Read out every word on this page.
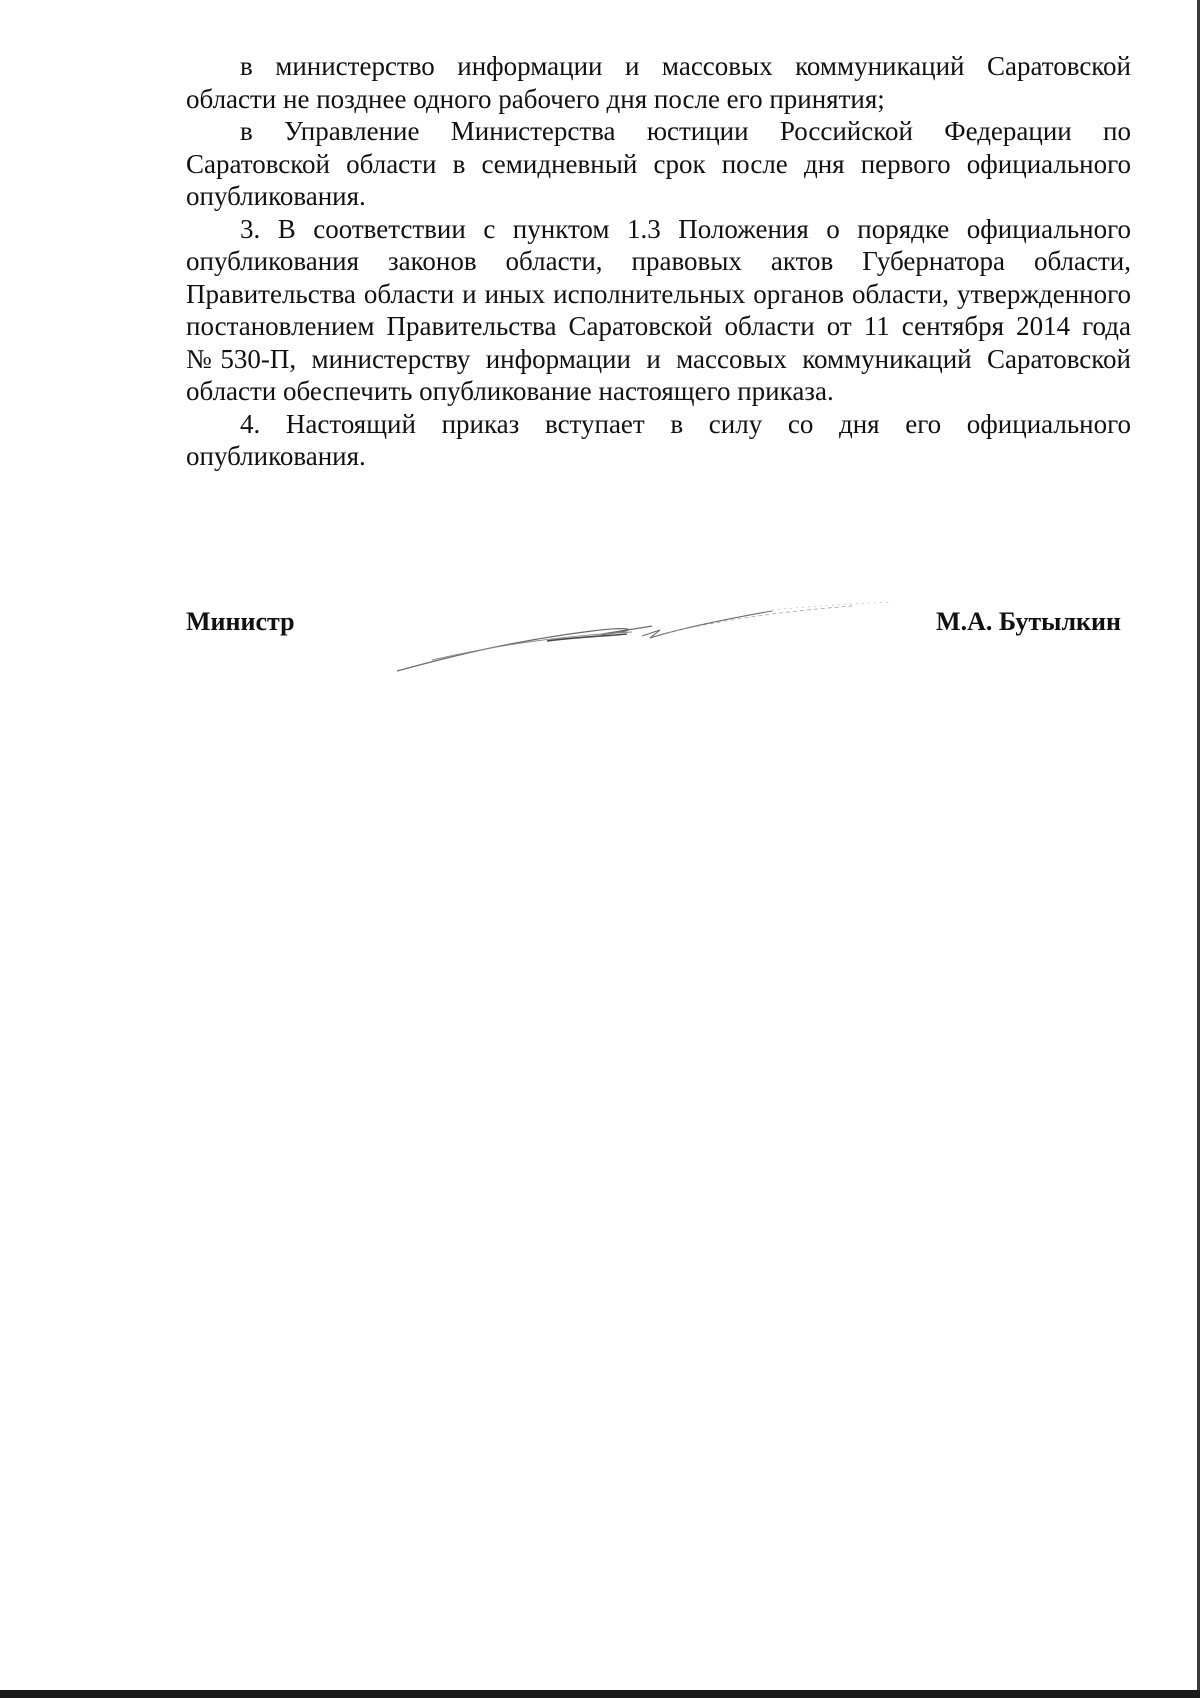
в министерство информации и массовых коммуникаций Саратовской области не позднее одного рабочего дня после его принятия;

в Управление Министерства юстиции Российской Федерации по Саратовской области в семидневный срок после дня первого официального опубликования.

3. В соответствии с пунктом 1.3 Положения о порядке официального опубликования законов области, правовых актов Губернатора области, Правительства области и иных исполнительных органов области, утвержденного постановлением Правительства Саратовской области от 11 сентября 2014 года №530-П, министерству информации и массовых коммуникаций Саратовской области обеспечить опубликование настоящего приказа.

4. Настоящий приказ вступает в силу со дня его официального опубликования.

Министр	М.А. Бутылкин
